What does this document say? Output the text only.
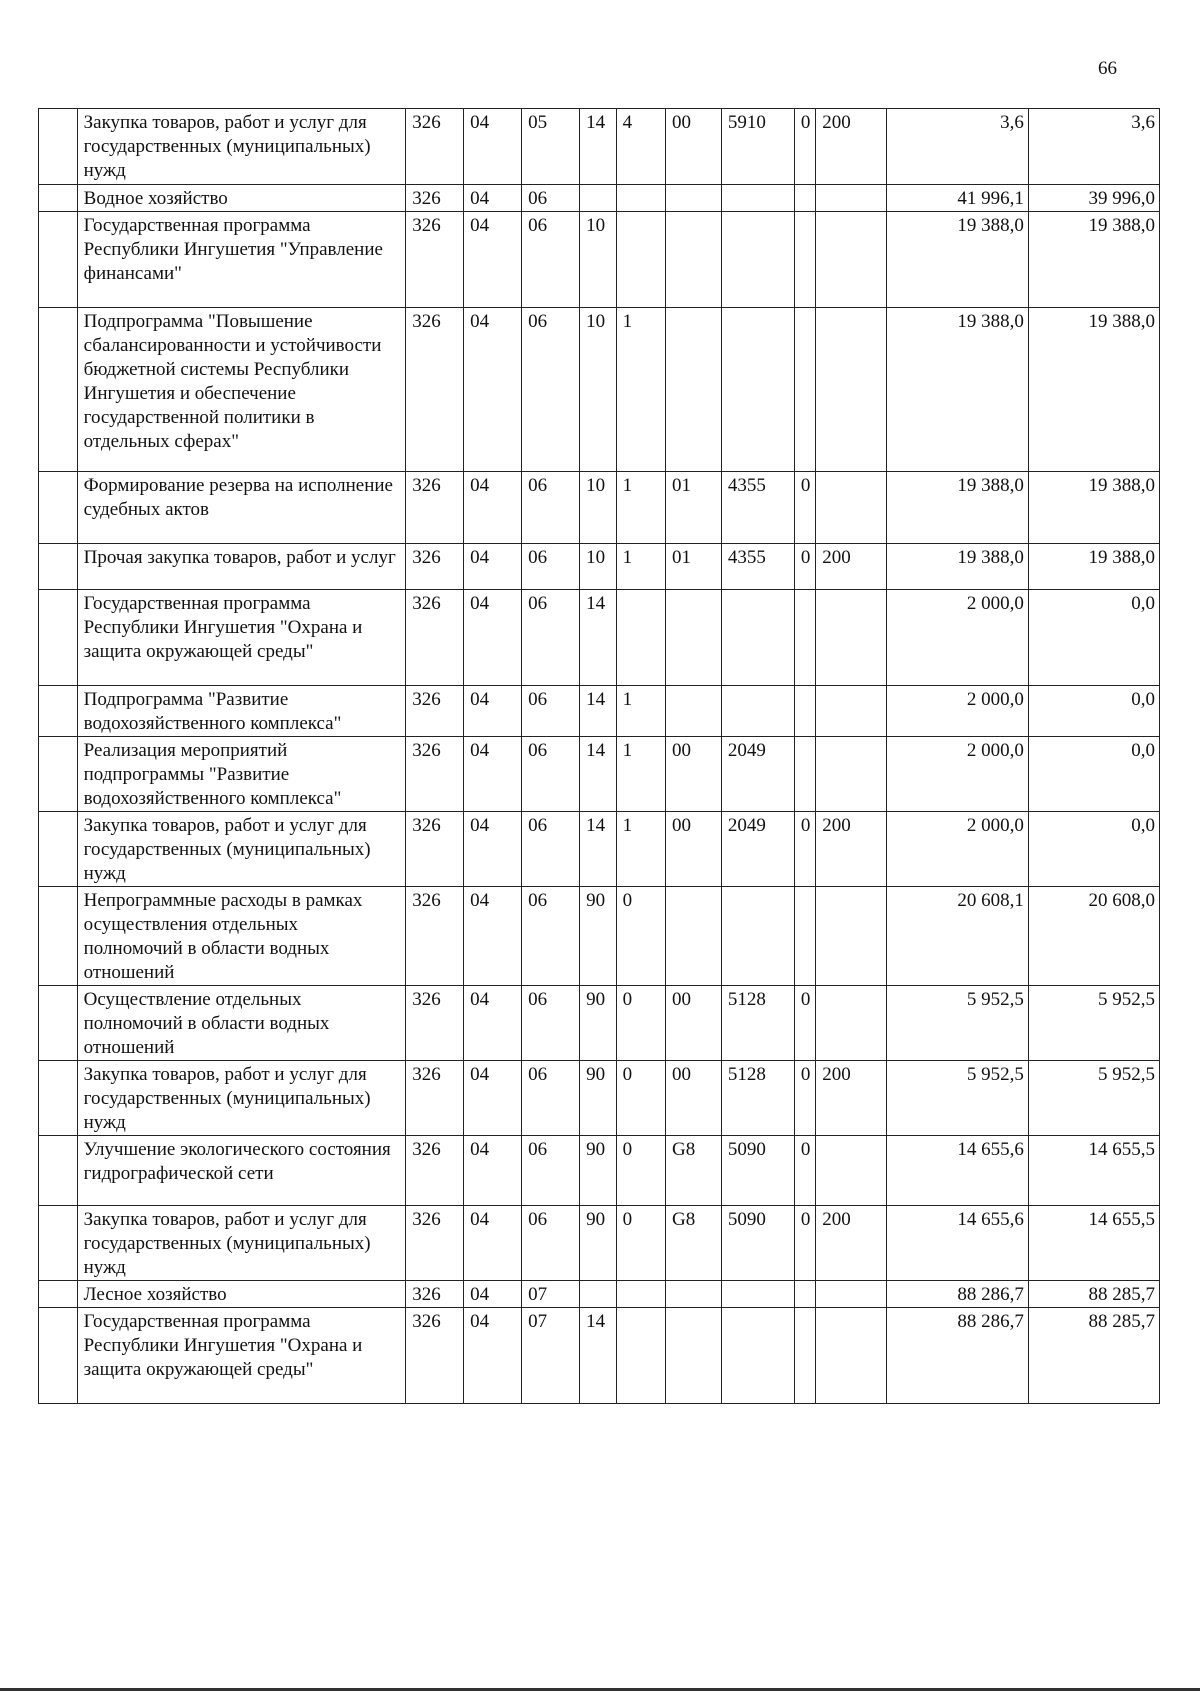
66
	Закупка товаров, работ и услуг для государственных (муниципальных) нужд	326	04	05	14	4	00	5910	0	200	3,6	3,6
	Водное хозяйство	326	04	06							41 996,1	39 996,0
	Государственная программа Республики Ингушетия "Управление финансами"	326	04	06	10						19 388,0	19 388,0
	Подпрограмма "Повышение сбалансированности и устойчивости бюджетной системы Республики Ингушетия и обеспечение государственной политики в отдельных сферах"	326	04	06	10	1					19 388,0	19 388,0
	Формирование резерва на исполнение судебных актов	326	04	06	10	1	01	4355	0		19 388,0	19 388,0
	Прочая закупка товаров, работ и услуг	326	04	06	10	1	01	4355	0	200	19 388,0	19 388,0
	Государственная программа Республики Ингушетия "Охрана и защита окружающей среды"	326	04	06	14						2 000,0	0,0
	Подпрограмма "Развитие водохозяйственного комплекса"	326	04	06	14	1					2 000,0	0,0
	Реализация мероприятий подпрограммы "Развитие водохозяйственного комплекса"	326	04	06	14	1	00	2049			2 000,0	0,0
	Закупка товаров, работ и услуг для государственных (муниципальных) нужд	326	04	06	14	1	00	2049	0	200	2 000,0	0,0
	Непрограммные расходы в рамках осуществления отдельных полномочий в области водных отношений	326	04	06	90	0					20 608,1	20 608,0
	Осуществление отдельных полномочий в области водных отношений	326	04	06	90	0	00	5128	0		5 952,5	5 952,5
	Закупка товаров, работ и услуг для государственных (муниципальных) нужд	326	04	06	90	0	00	5128	0	200	5 952,5	5 952,5
	Улучшение экологического состояния гидрографической сети	326	04	06	90	0	G8	5090	0		14 655,6	14 655,5
	Закупка товаров, работ и услуг для государственных (муниципальных) нужд	326	04	06	90	0	G8	5090	0	200	14 655,6	14 655,5
	Лесное хозяйство	326	04	07							88 286,7	88 285,7
	Государственная программа Республики Ингушетия "Охрана и защита окружающей среды"	326	04	07	14						88 286,7	88 285,7
